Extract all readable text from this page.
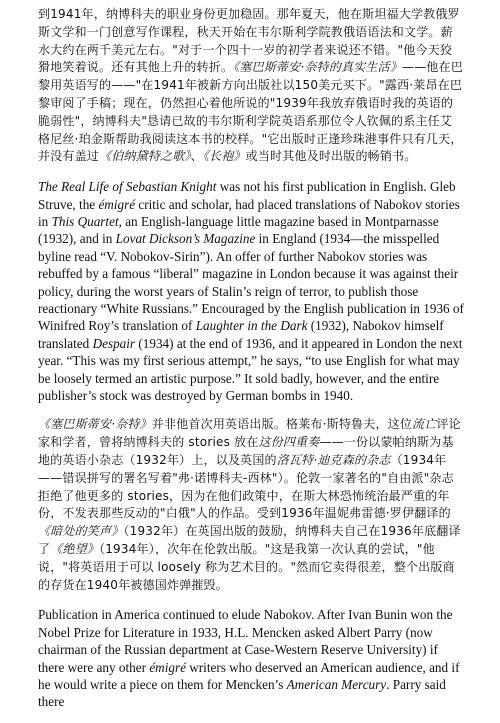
到1941年，纳博科夫的职业身份更加稳固。那年夏天，他在斯坦福大学教俄罗斯文学和一门创意写作课程，秋天开始在韦尔斯利学院教俄语语法和文学。薪水大约在两千美元左右。"对于一个四十一岁的初学者来说还不错。"他今天狡猾地笑着说。还有其他上升的转折。《塞巴斯蒂安·奈特的真实生活》——他在巴黎用英语写的——"在1941年被新方向出版社以150美元买下。"露西·莱昂在巴黎审阅了手稿；现在，仍然担心着他所说的"1939年我放弃俄语时我的英语的脆弱性"，纳博科夫"恳请已故的韦尔斯利学院英语系那位令人钦佩的系主任艾格尼丝·珀金斯帮助我阅读这本书的校样。"它出版时正逢珍珠港事件只有几天，并没有盖过《伯纳黛特之歌》、《长袍》或当时其他及时出版的畅销书。

The Real Life of Sebastian Knight was not his first publication in English. Gleb Struve, the émigré critic and scholar, had placed translations of Nabokov stories in This Quartet, an English-language little magazine based in Montparnasse (1932), and in Lovat Dickson’s Magazine in England (1934—the misspelled byline read “V. Nobokov-Sirin”). An offer of further Nabokov stories was rebuffed by a famous “liberal” magazine in London because it was against their policy, during the worst years of Stalin’s reign of terror, to publish those reactionary “White Russians.” Encouraged by the English publication in 1936 of Winifred Roy’s translation of Laughter in the Dark (1932), Nabokov himself translated Despair (1934) at the end of 1936, and it appeared in London the next year. “This was my first serious attempt,” he says, “to use English for what may be loosely termed an artistic purpose.” It sold badly, however, and the entire publisher’s stock was destroyed by German bombs in 1940.

《塞巴斯蒂安·奈特》并非他首次用英语出版。格莱布·斯特鲁夫，这位流亡评论家和学者，曾将纳博科夫的 stories 放在这份四重奏——一份以蒙帕纳斯为基地的英语小杂志（1932年）上，以及英国的洛瓦特·迪克森的杂志（1934年——错误拼写的署名写着"弗·诺博科夫-西林"）。伦敦一家著名的"自由派"杂志拒绝了他更多的 stories，因为在他们政策中，在斯大林恐怖统治最严重的年份，不发表那些反动的"白俄"人的作品。受到1936年温妮弗雷德·罗伊翻译的《暗处的笑声》（1932年）在英国出版的鼓励，纳博科夫自己在1936年底翻译了《绝望》（1934年），次年在伦敦出版。"这是我第一次认真的尝试，"他说，"将英语用于可以 loosely 称为艺术目的。"然而它卖得很差，整个出版商的存货在1940年被德国炸弹摧毁。

Publication in America continued to elude Nabokov. After Ivan Bunin won the Nobel Prize for Literature in 1933, H.L. Mencken asked Albert Parry (now chairman of the Russian department at Case-Western Reserve University) if there were any other émigré writers who deserved an American audience, and if he would write a piece on them for Mencken’s American Mercury. Parry said there
